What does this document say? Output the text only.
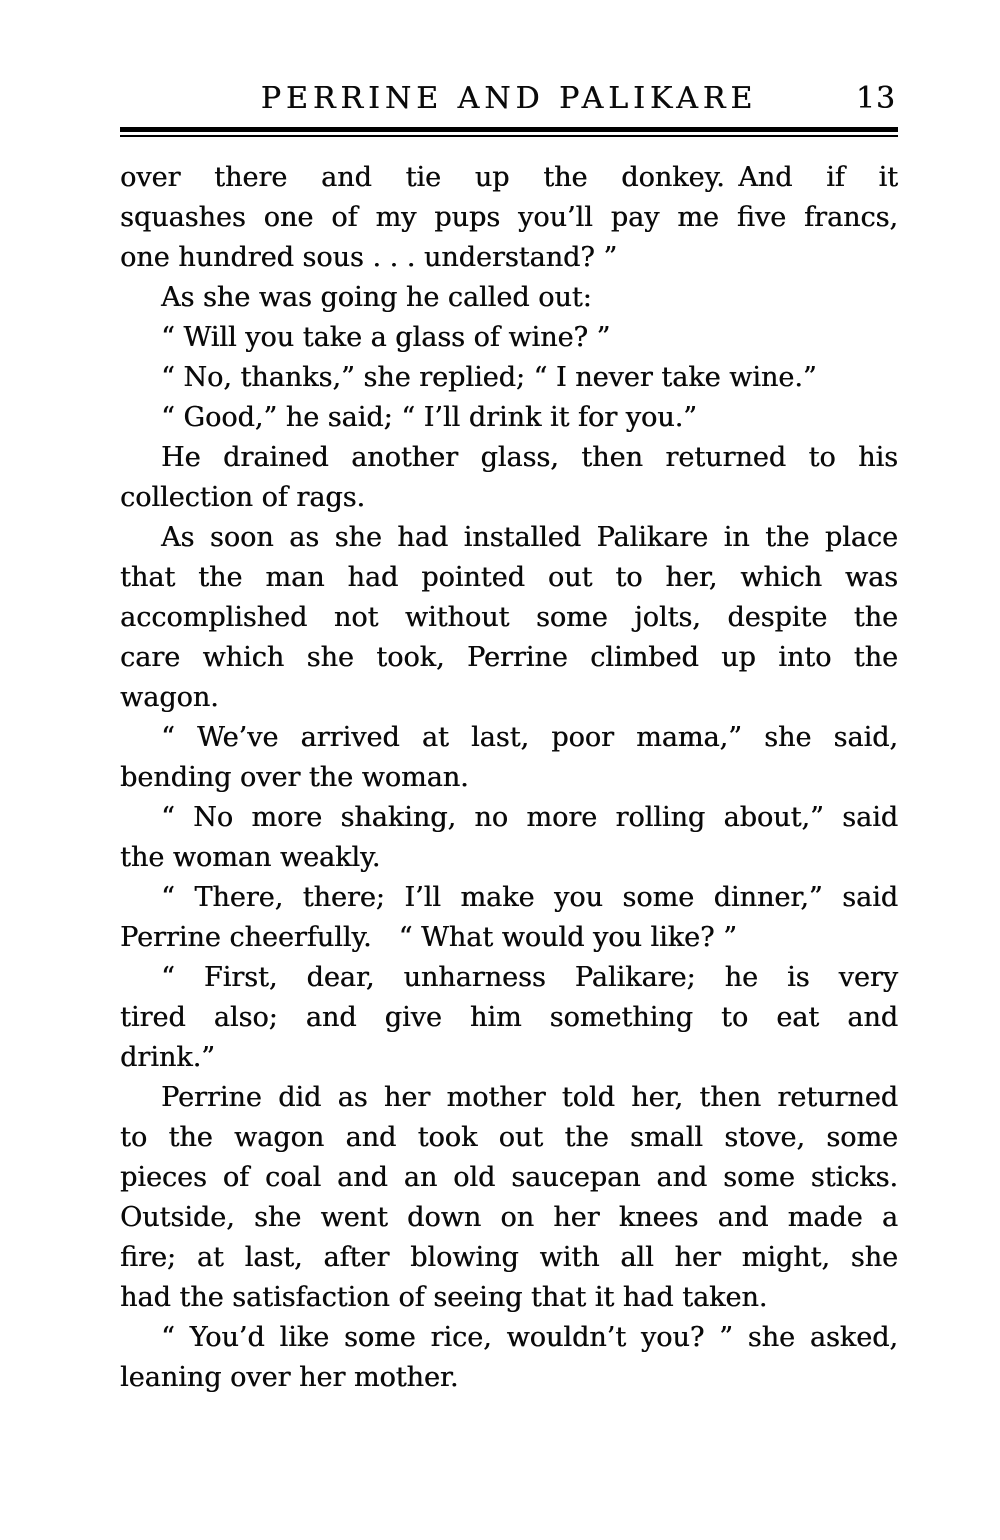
PERRINE AND PALIKARE	13
over there and tie up the donkey. And if it
squashes one of my pups you’ll pay me five francs,
one hundred sous . . . understand? ”
As she was going he called out:
“ Will you take a glass of wine? ”
“ No, thanks,” she replied; “ I never take wine.”
“ Good,” he said; “ I’ll drink it for you.”
He drained another glass, then returned to his
collection of rags.
As soon as she had installed Palikare in the place
that the man had pointed out to her, which was
accomplished not without some jolts, despite the
care which she took, Perrine climbed up into the
wagon.
“ We’ve arrived at last, poor mama,” she said,
bending over the woman.
“ No more shaking, no more rolling about,” said
the woman weakly.
“ There, there; I’ll make you some dinner,” said
Perrine cheerfully.  “ What would you like? ”
“ First, dear, unharness Palikare; he is very
tired also; and give him something to eat and
drink.”
Perrine did as her mother told her, then returned
to the wagon and took out the small stove, some
pieces of coal and an old saucepan and some sticks.
Outside, she went down on her knees and made a
fire; at last, after blowing with all her might, she
had the satisfaction of seeing that it had taken.
“ You’d like some rice, wouldn’t you? ” she asked,
leaning over her mother.
